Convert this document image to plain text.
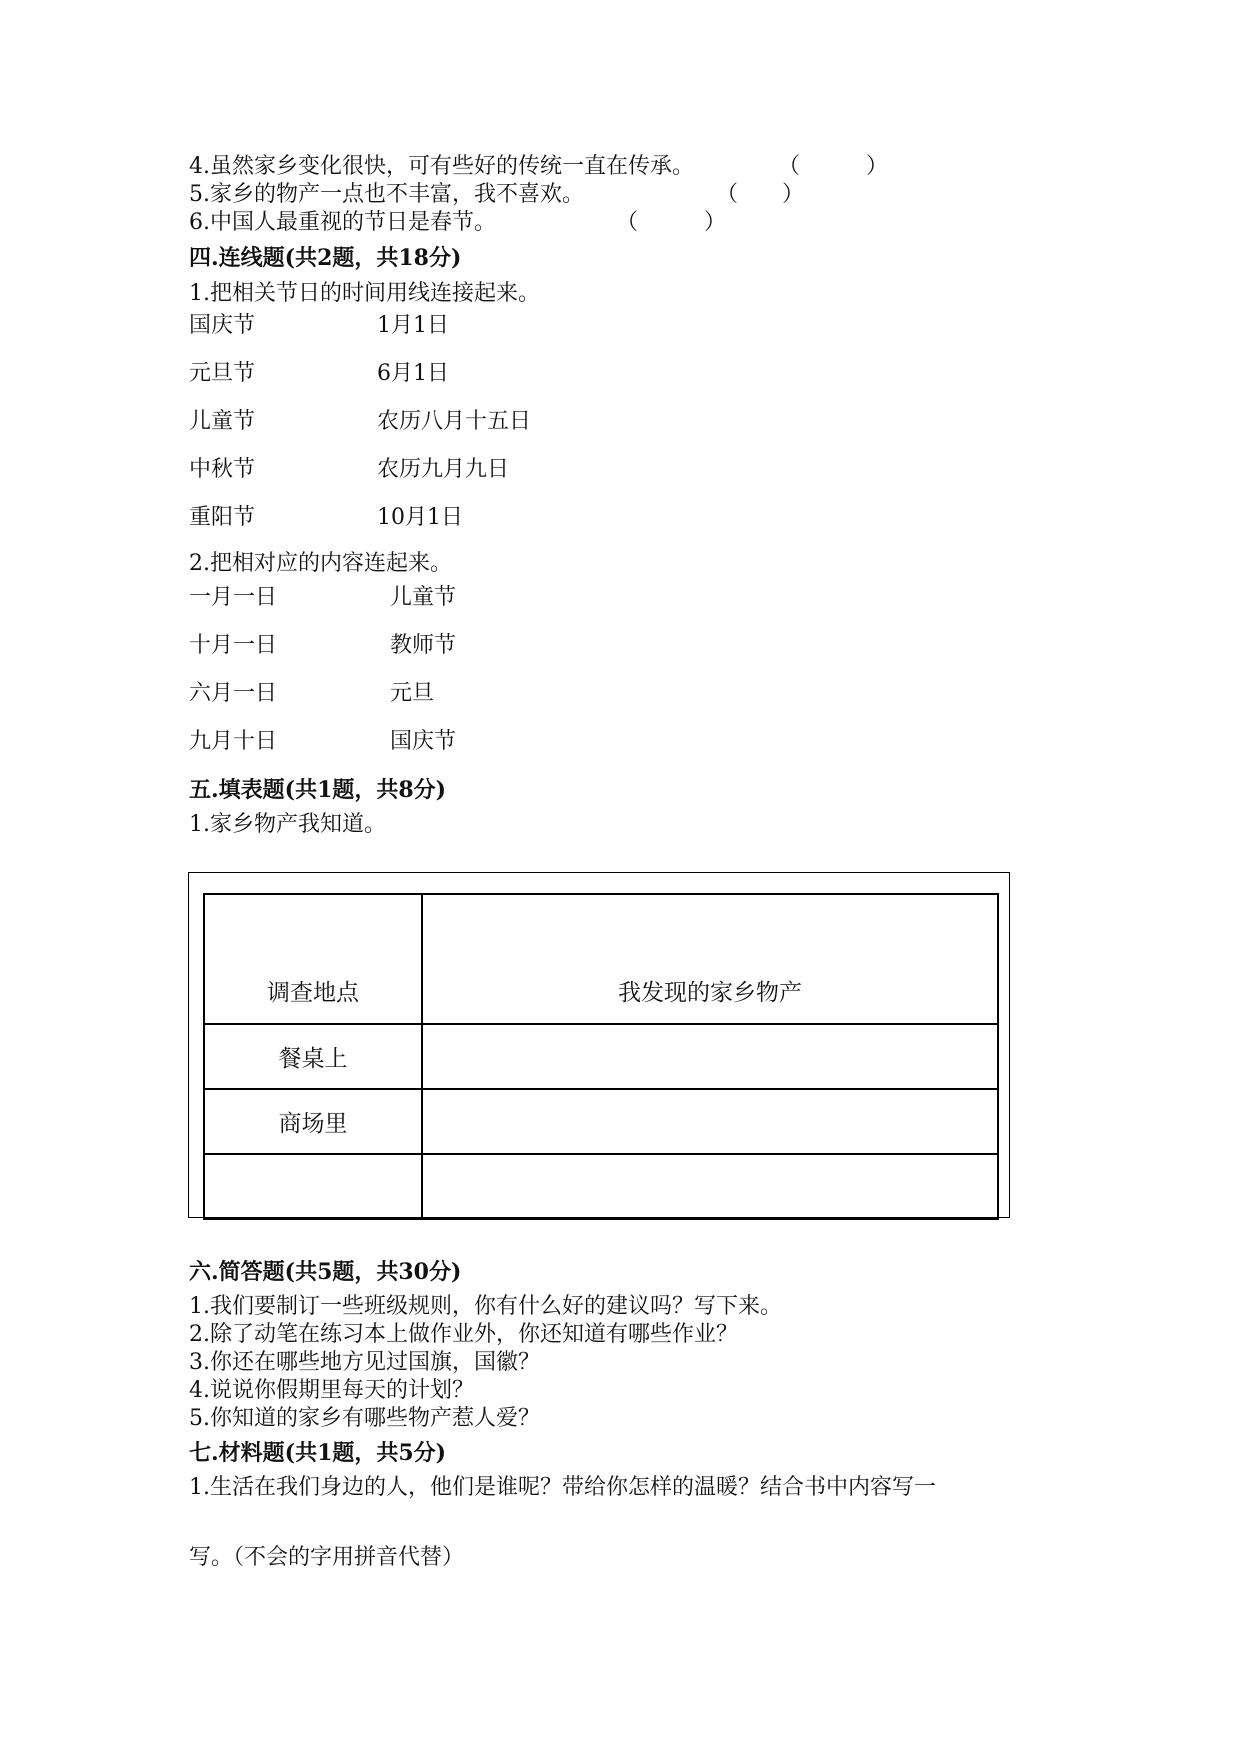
4.虽然家乡变化很快，可有些好的传统一直在传承。	（　　　）
5.家乡的物产一点也不丰富，我不喜欢。	（　　）
6.中国人最重视的节日是春节。	（　　　）
四.连线题(共2题，共18分)
1.把相关节日的时间用线连接起来。
国庆节	1月1日
元旦节	6月1日
儿童节	农历八月十五日
中秋节	农历九月九日
重阳节	10月1日
2.把相对应的内容连起来。
一月一日	儿童节
十月一日	教师节
六月一日	元旦
九月十日	国庆节
五.填表题(共1题，共8分)
1.家乡物产我知道。
调查地点	我发现的家乡物产
餐桌上	
商场里	

六.简答题(共5题，共30分)
1.我们要制订一些班级规则，你有什么好的建议吗？写下来。
2.除了动笔在练习本上做作业外，你还知道有哪些作业？
3.你还在哪些地方见过国旗，国徽？
4.说说你假期里每天的计划？
5.你知道的家乡有哪些物产惹人爱？
七.材料题(共1题，共5分)
1.生活在我们身边的人，他们是谁呢？带给你怎样的温暖？结合书中内容写一
写。（不会的字用拼音代替）
